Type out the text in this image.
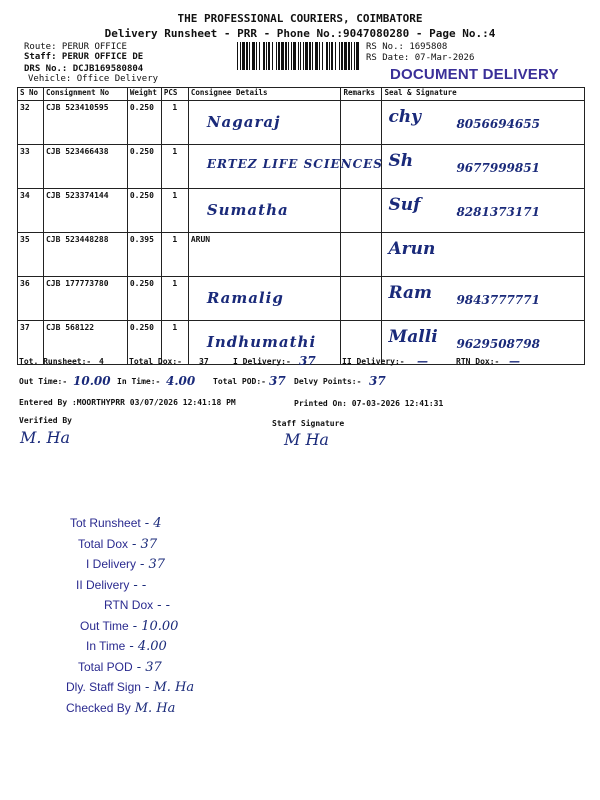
THE PROFESSIONAL COURIERS, COIMBATORE
Delivery Runsheet - PRR - Phone No.:9047080280 - Page No.:4
Route: PERUR OFFICE
Staff: PERUR OFFICE DE
DRS No.: DCJB169580804
Vehicle: Office Delivery
RS No.: 1695808
RS Date: 07-Mar-2026
DOCUMENT DELIVERY
S No	Consignment No	Weight	PCS	Consignee Details	Remarks	Seal & Signature
32	CJB 523410595	0.250	1	Nagaraj		chy 8056694655

33	CJB 523466438	0.250	1	ERTEZ LIFE SCIENCES		Sh 9677999851

34	CJB 523374144	0.250	1	Sumatha		Suf 8281373171

35	CJB 523448288	0.395	1	ARUN		Arun

36	CJB 177773780	0.250	1	Ramalig		Ram 9843777771

37	CJB 568122	0.250	1	Indhumathi		Malli 9629508798
Tot. Runsheet:- 4	Total Dox:- 37	I Delivery:- 37	II Delivery:- —	RTN Dox:- —
Out Time:- 10.00 In Time:- 4.00 Total POD:- 37 Delvy Points:- 37
Entered By :MOORTHYPRR 03/07/2026 12:41:18 PM	Printed On: 07-03-2026 12:41:31
Verified By
M. Ha
Staff Signature
M Ha
Tot Runsheet - 4
Total Dox - 37
I Delivery - 37
II Delivery - -
RTN Dox - -
Out Time - 10.00
In Time - 4.00
Total POD - 37
Dly. Staff Sign - M. Ha
Checked By M. Ha
